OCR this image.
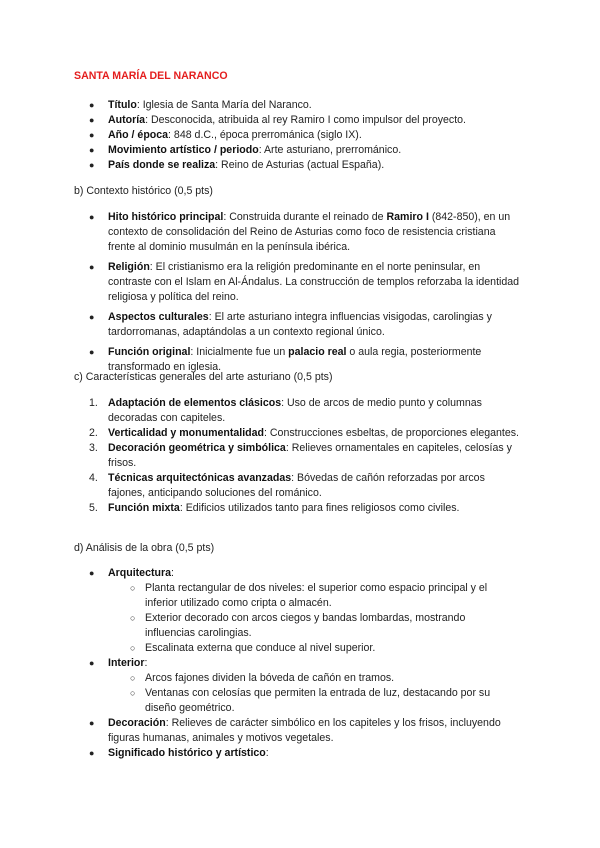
SANTA MARÍA DEL NARANCO
● Título: Iglesia de Santa María del Naranco.
● Autoría: Desconocida, atribuida al rey Ramiro I como impulsor del proyecto.
● Año / época: 848 d.C., época prerrománica (siglo IX).
● Movimiento artístico / periodo: Arte asturiano, prerrománico.
● País donde se realiza: Reino de Asturias (actual España).
b) Contexto histórico (0,5 pts)
● Hito histórico principal: Construida durante el reinado de Ramiro I (842-850), en un contexto de consolidación del Reino de Asturias como foco de resistencia cristiana frente al dominio musulmán en la península ibérica.
● Religión: El cristianismo era la religión predominante en el norte peninsular, en contraste con el Islam en Al-Ándalus. La construcción de templos reforzaba la identidad religiosa y política del reino.
● Aspectos culturales: El arte asturiano integra influencias visigodas, carolingias y tardorromanas, adaptándolas a un contexto regional único.
● Función original: Inicialmente fue un palacio real o aula regia, posteriormente transformado en iglesia.
c) Características generales del arte asturiano (0,5 pts)
1. Adaptación de elementos clásicos: Uso de arcos de medio punto y columnas decoradas con capiteles.
2. Verticalidad y monumentalidad: Construcciones esbeltas, de proporciones elegantes.
3. Decoración geométrica y simbólica: Relieves ornamentales en capiteles, celosías y frisos.
4. Técnicas arquitectónicas avanzadas: Bóvedas de cañón reforzadas por arcos fajones, anticipando soluciones del románico.
5. Función mixta: Edificios utilizados tanto para fines religiosos como civiles.
d) Análisis de la obra (0,5 pts)
● Arquitectura:
○ Planta rectangular de dos niveles: el superior como espacio principal y el inferior utilizado como cripta o almacén.
○ Exterior decorado con arcos ciegos y bandas lombardas, mostrando influencias carolingias.
○ Escalinata externa que conduce al nivel superior.
● Interior:
○ Arcos fajones dividen la bóveda de cañón en tramos.
○ Ventanas con celosías que permiten la entrada de luz, destacando por su diseño geométrico.
● Decoración: Relieves de carácter simbólico en los capiteles y los frisos, incluyendo figuras humanas, animales y motivos vegetales.
● Significado histórico y artístico:
